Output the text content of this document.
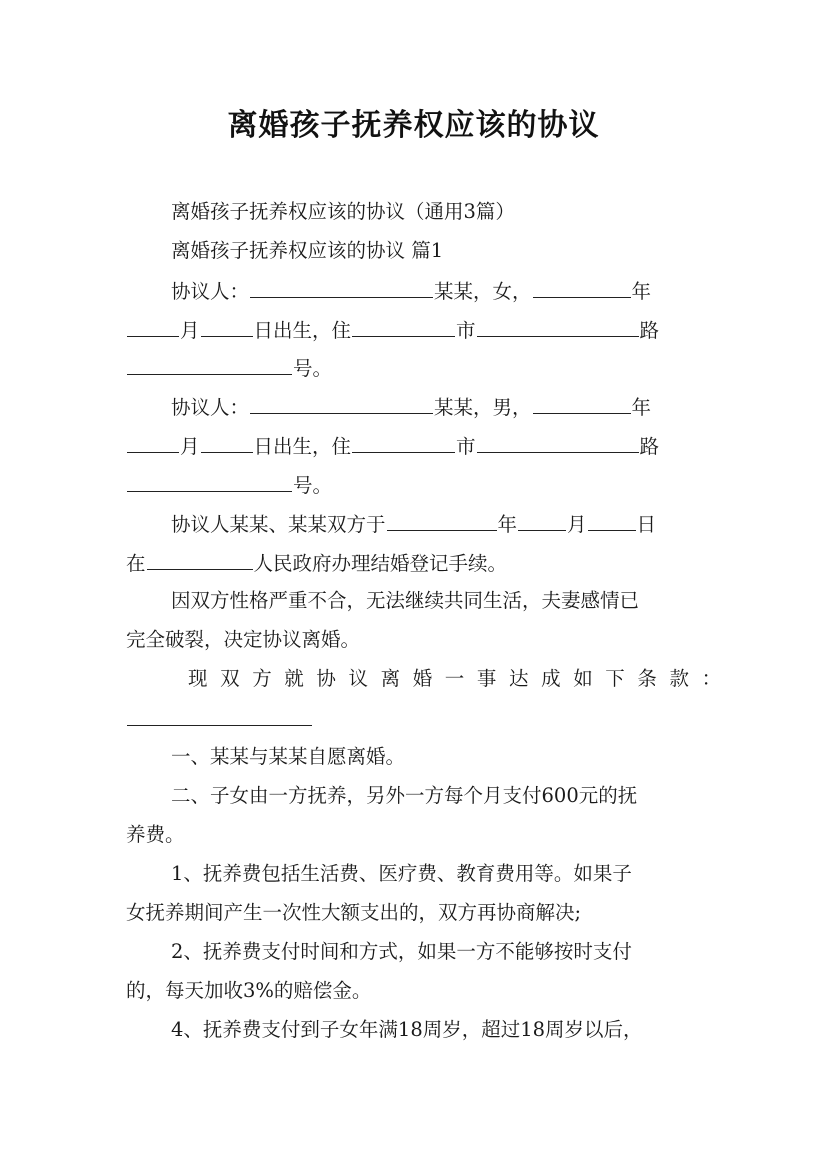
离婚孩子抚养权应该的协议
离婚孩子抚养权应该的协议（通用3篇）
离婚孩子抚养权应该的协议 篇1
协议人：	某某，女，	年
月	日出生，住	市	路
号。
协议人：	某某，男，	年
月	日出生，住	市	路
号。
协议人某某、某某双方于	年	月	日
在	人民政府办理结婚登记手续。
因双方性格严重不合，无法继续共同生活，夫妻感情已
完全破裂，决定协议离婚。
现双方就协议离婚一事达成如下条款：
一、某某与某某自愿离婚。
二、子女由一方抚养，另外一方每个月支付600元的抚
养费。
1、抚养费包括生活费、医疗费、教育费用等。如果子
女抚养期间产生一次性大额支出的，双方再协商解决;
2、抚养费支付时间和方式，如果一方不能够按时支付
的，每天加收3%的赔偿金。
4、抚养费支付到子女年满18周岁，超过18周岁以后，
